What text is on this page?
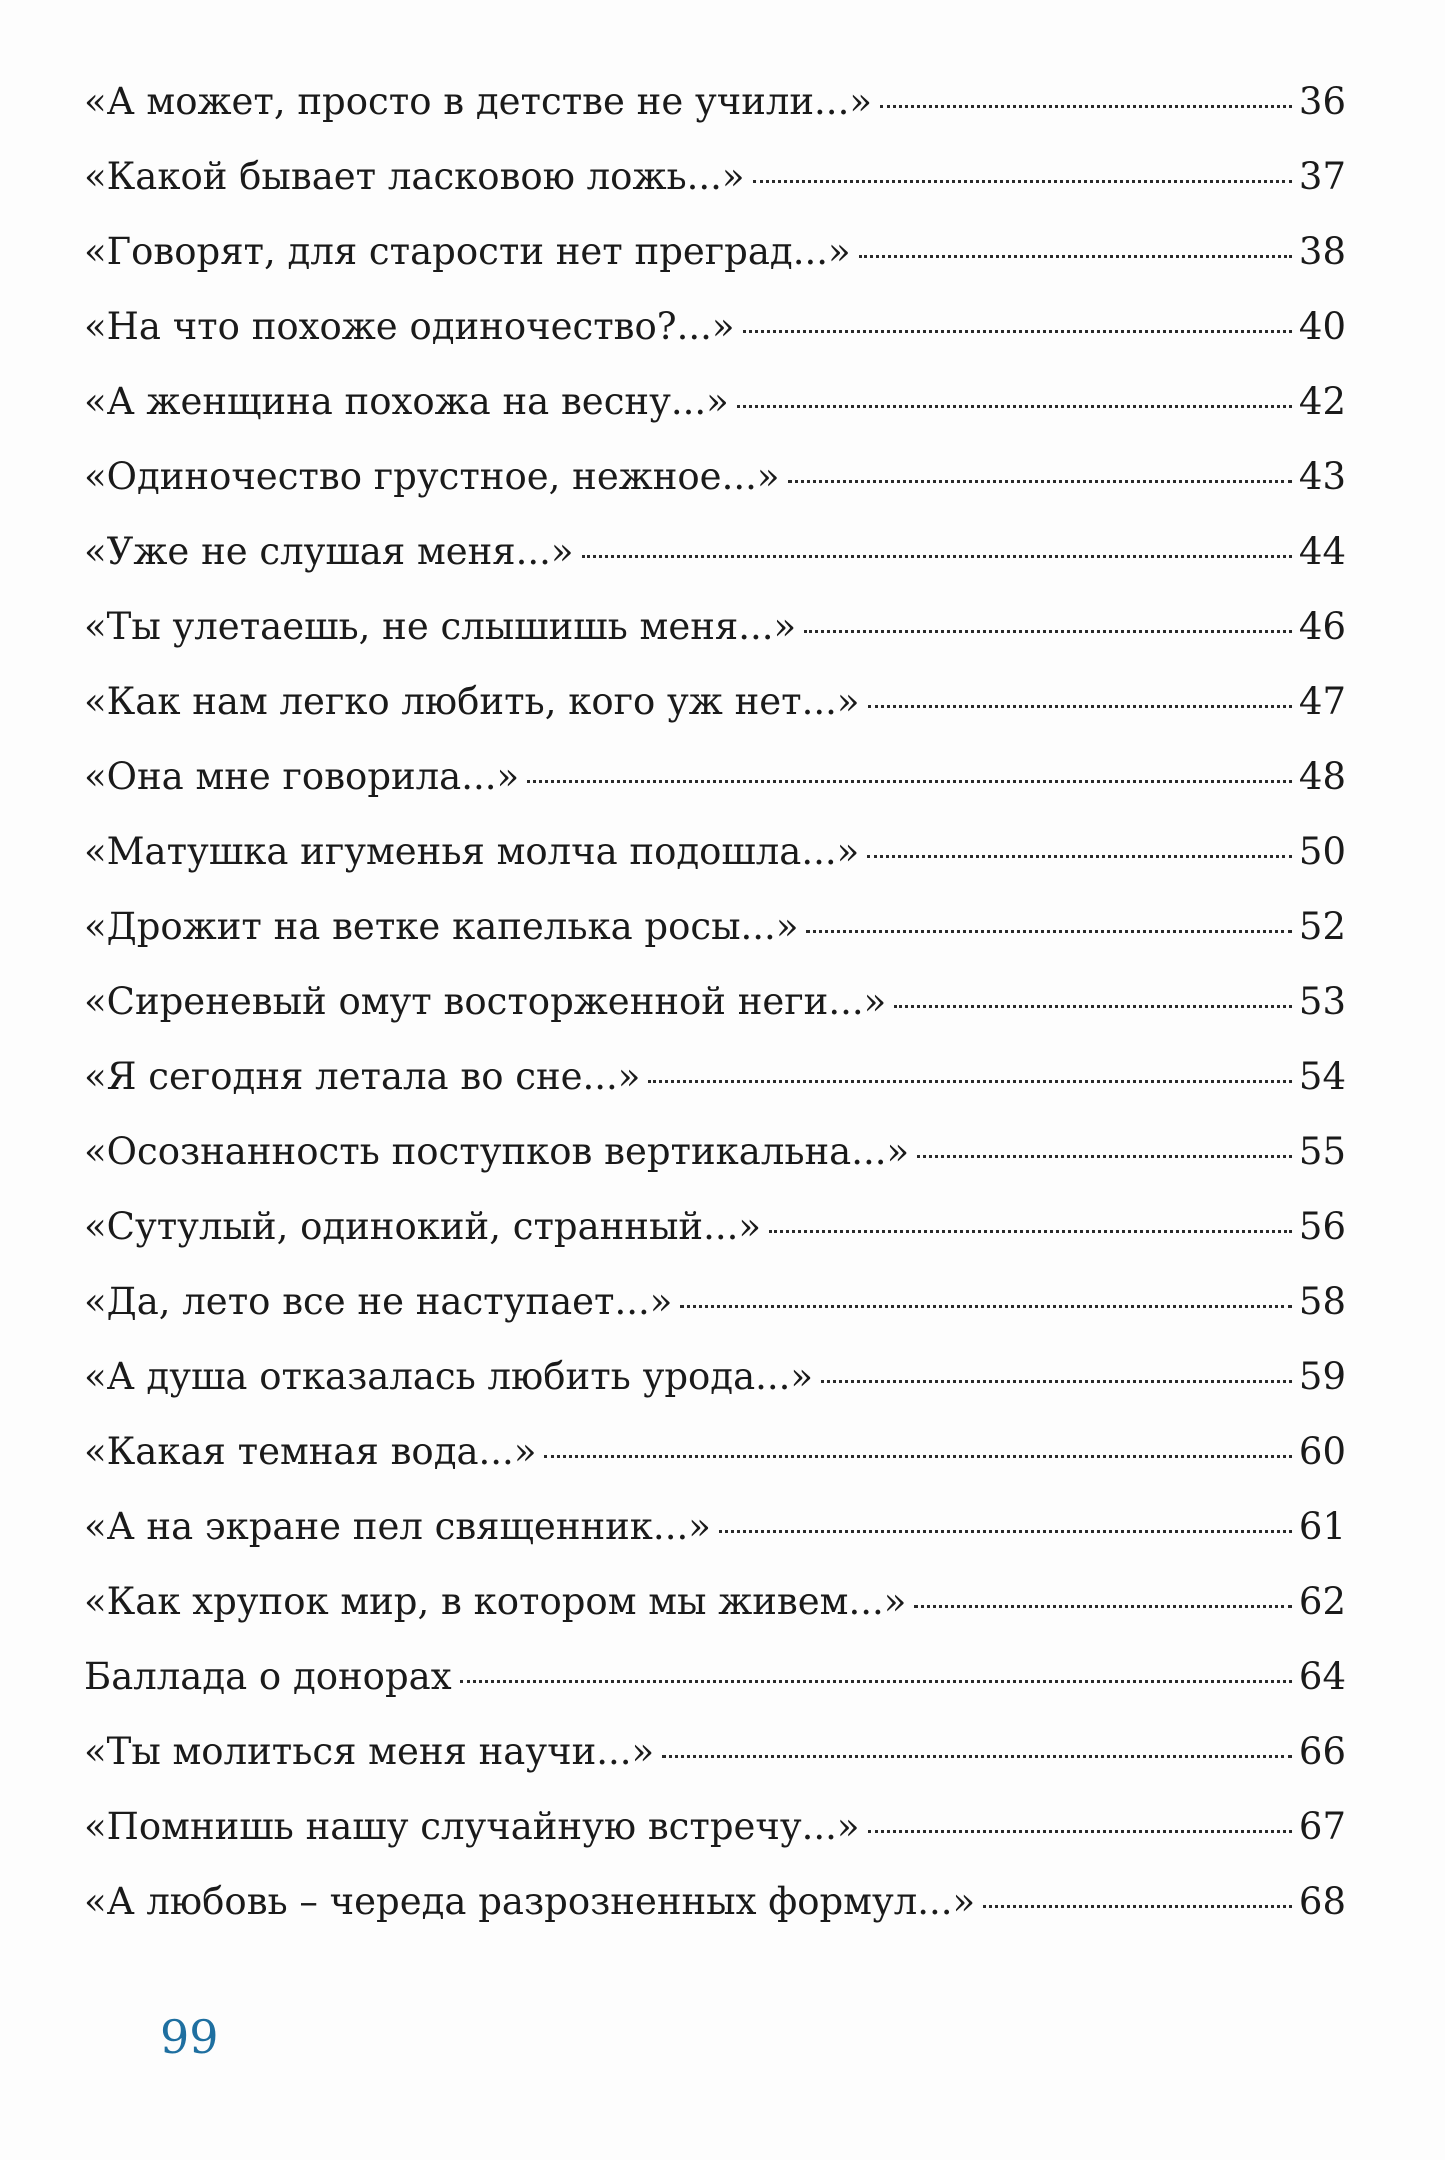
«А может, просто в детстве не учили...»	36
«Какой бывает ласковою ложь...»	37
«Говорят, для старости нет преград...»	38
«На что похоже одиночество?...»	40
«А женщина похожа на весну...»	42
«Одиночество грустное, нежное...»	43
«Уже не слушая меня...»	44
«Ты улетаешь, не слышишь меня...»	46
«Как нам легко любить, кого уж нет...»	47
«Она мне говорила...»	48
«Матушка игуменья молча подошла...»	50
«Дрожит на ветке капелька росы...»	52
«Сиреневый омут восторженной неги...»	53
«Я сегодня летала во сне...»	54
«Осознанность поступков вертикальна...»	55
«Сутулый, одинокий, странный...»	56
«Да, лето все не наступает...»	58
«А душа отказалась любить урода...»	59
«Какая темная вода...»	60
«А на экране пел священник...»	61
«Как хрупок мир, в котором мы живем...»	62
Баллада о донорах	64
«Ты молиться меня научи...»	66
«Помнишь нашу случайную встречу...»	67
«А любовь – череда разрозненных формул...»	68
99
